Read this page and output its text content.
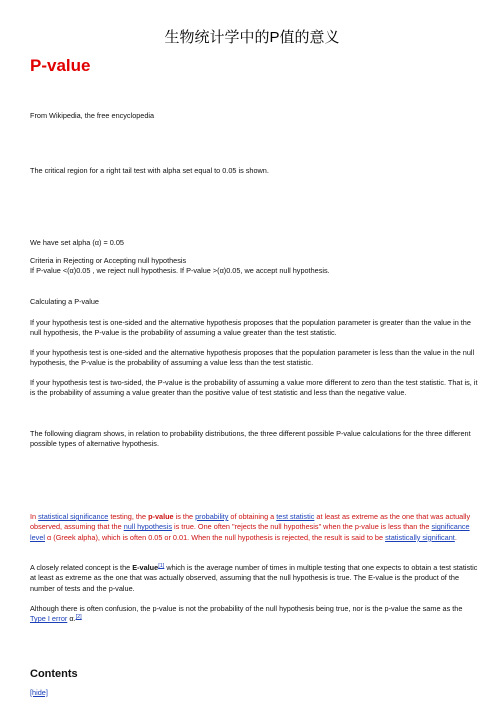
生物统计学中的P值的意义
P-value

From Wikipedia, the free encyclopedia

The critical region for a right tail test with alpha set equal to 0.05 is shown.

We have set alpha (α) = 0.05

Criteria in Rejecting or Accepting null hypothesis

If P-value <(α)0.05 , we reject null hypothesis. If P-value >(α)0.05, we accept null hypothesis.

Calculating a P-value

If your hypothesis test is one-sided and the alternative hypothesis proposes that the population parameter is greater than the value in the null hypothesis, the P-value is the probability of assuming a value greater than the test statistic.

If your hypothesis test is one-sided and the alternative hypothesis proposes that the population parameter is less than the value in the null hypothesis, the P-value is the probability of assuming a value less than the test statistic.

If your hypothesis test is two-sided, the P-value is the probability of assuming a value more different to zero than the test statistic. That is, it is the probability of assuming a value greater than the positive value of test statistic and less than the negative value.

The following diagram shows, in relation to probability distributions, the three different possible P-value calculations for the three different possible types of alternative hypothesis.

In statistical significance testing, the p-value is the probability of obtaining a test statistic at least as extreme as the one that was actually observed, assuming that the null hypothesis is true. One often "rejects the null hypothesis" when the p-value is less than the significance level α (Greek alpha), which is often 0.05 or 0.01. When the null hypothesis is rejected, the result is said to be statistically significant.

A closely related concept is the E-value[1] which is the average number of times in multiple testing that one expects to obtain a test statistic at least as extreme as the one that was actually observed, assuming that the null hypothesis is true. The E-value is the product of the number of tests and the p-value.

Although there is often confusion, the p-value is not the probability of the null hypothesis being true, nor is the p-value the same as the Type I error α.[2]

Contents
[hide]
